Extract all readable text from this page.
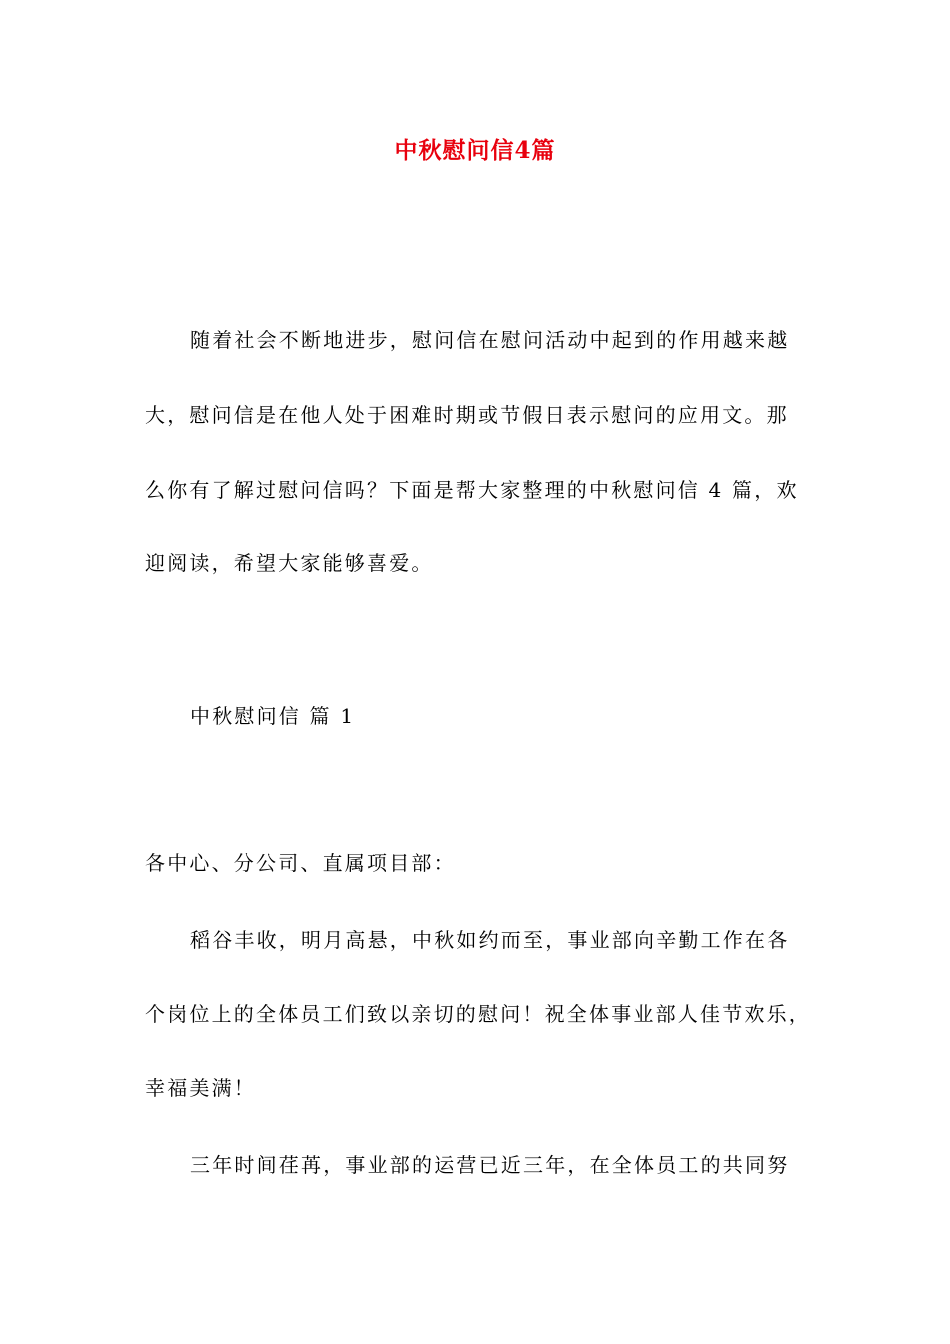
中秋慰问信4篇
随着社会不断地进步，慰问信在慰问活动中起到的作用越来越
大，慰问信是在他人处于困难时期或节假日表示慰问的应用文。那
么你有了解过慰问信吗？下面是帮大家整理的中秋慰问信 4 篇，欢
迎阅读，希望大家能够喜爱。
中秋慰问信 篇 1
各中心、分公司、直属项目部：
稻谷丰收，明月高悬，中秋如约而至，事业部向辛勤工作在各
个岗位上的全体员工们致以亲切的慰问！祝全体事业部人佳节欢乐，
幸福美满！
三年时间荏苒，事业部的运营已近三年，在全体员工的共同努
